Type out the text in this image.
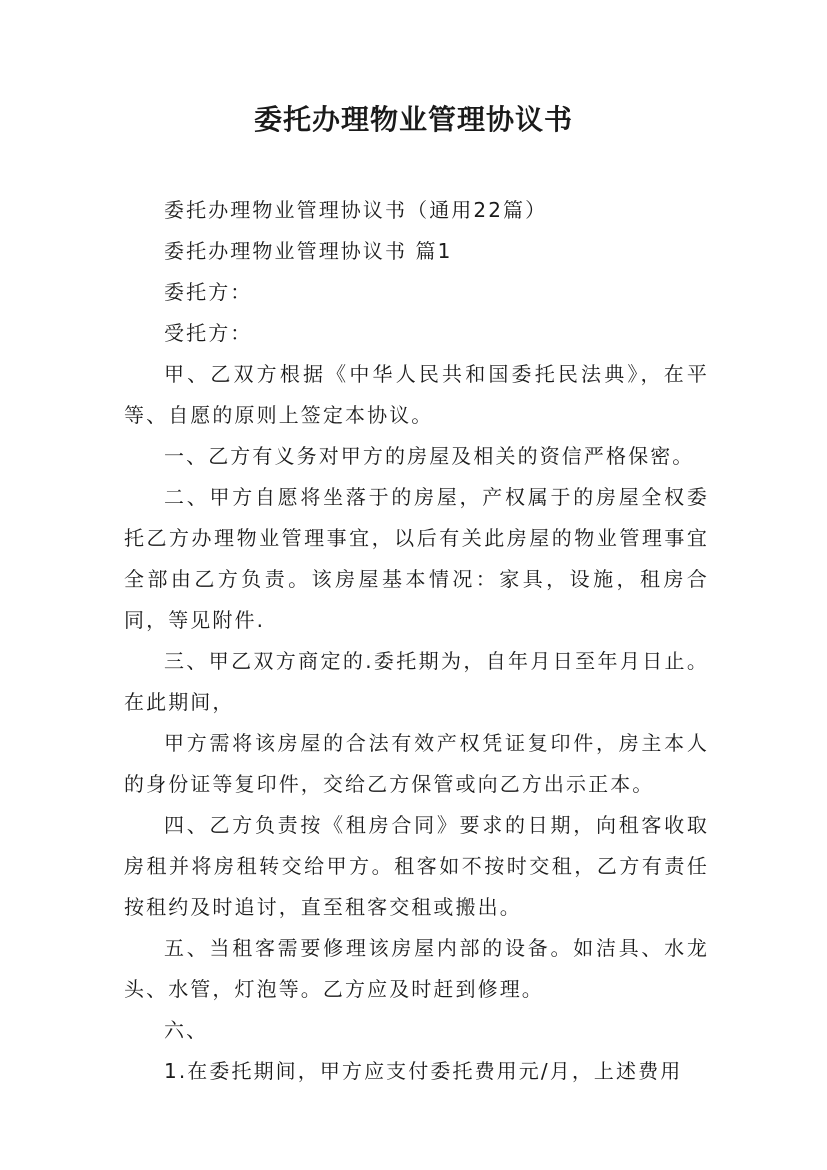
委托办理物业管理协议书

委托办理物业管理协议书（通用22篇）

委托办理物业管理协议书 篇1

委托方：

受托方：

甲、乙双方根据《中华人民共和国委托民法典》，在平等、自愿的原则上签定本协议。

一、乙方有义务对甲方的房屋及相关的资信严格保密。

二、甲方自愿将坐落于的房屋，产权属于的房屋全权委托乙方办理物业管理事宜，以后有关此房屋的物业管理事宜全部由乙方负责。该房屋基本情况：家具，设施，租房合同，等见附件.

三、甲乙双方商定的.委托期为，自年月日至年月日止。在此期间，

甲方需将该房屋的合法有效产权凭证复印件，房主本人的身份证等复印件，交给乙方保管或向乙方出示正本。

四、乙方负责按《租房合同》要求的日期，向租客收取房租并将房租转交给甲方。租客如不按时交租，乙方有责任按租约及时追讨，直至租客交租或搬出。

五、当租客需要修理该房屋内部的设备。如洁具、水龙头、水管，灯泡等。乙方应及时赶到修理。

六、

1.在委托期间，甲方应支付委托费用元/月，上述费用
